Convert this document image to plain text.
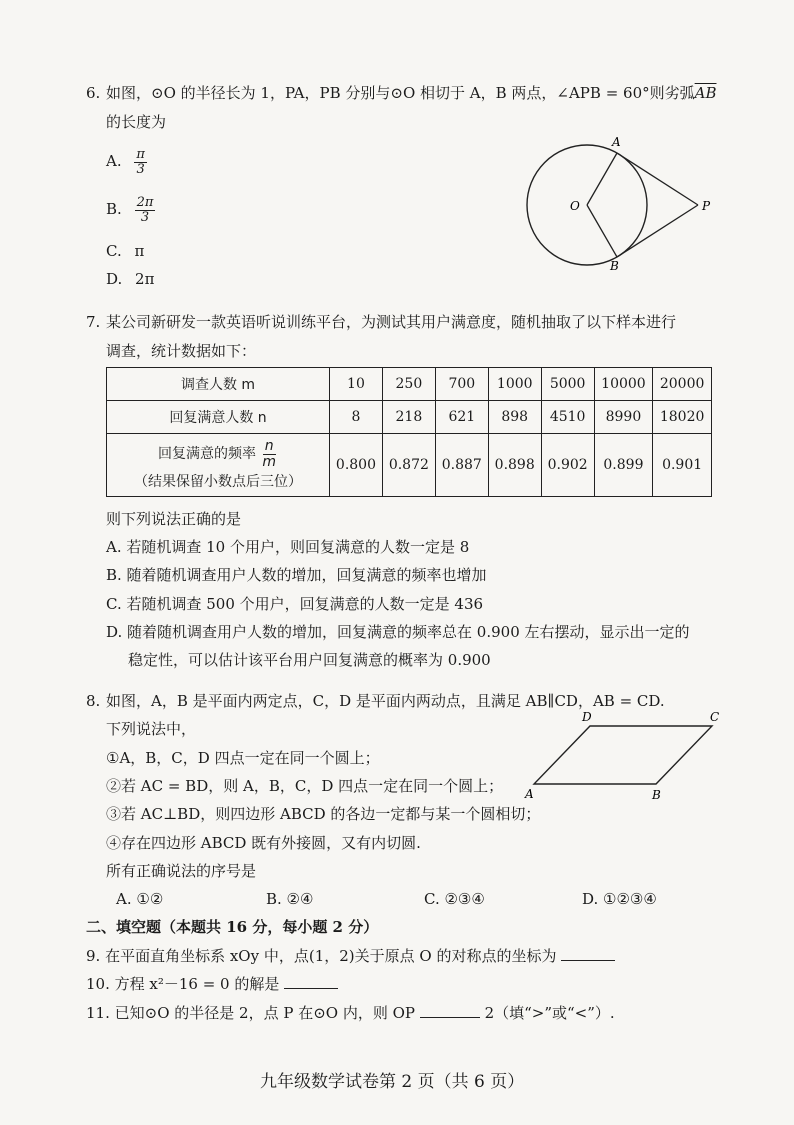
6. 如图，⊙O 的半径长为 1，PA，PB 分别与⊙O 相切于 A，B 两点，∠APB = 60°则劣弧$\overline{AB}$
的长度为
A. $\frac{\pi}{3}$
B. $\frac{2\pi}{3}$
C. π
D. 2π
O
A
B
P
7. 某公司新研发一款英语听说训练平台，为测试其用户满意度，随机抽取了以下样本进行
调查，统计数据如下：
调查人数 m	10	250	700	1000	5000	10000	20000
回复满意人数 n	8	218	621	898	4510	8990	18020

回复满意的频率 $\frac{n}{m}$
（结果保留小数点后三位）	0.800	0.872	0.887	0.898	0.902	0.899	0.901
则下列说法正确的是
A. 若随机调查 10 个用户，则回复满意的人数一定是 8
B. 随着随机调查用户人数的增加，回复满意的频率也增加
C. 若随机调查 500 个用户，回复满意的人数一定是 436
D. 随着随机调查用户人数的增加，回复满意的频率总在 0.900 左右摆动，显示出一定的
稳定性，可以估计该平台用户回复满意的概率为 0.900
8. 如图，A，B 是平面内两定点，C，D 是平面内两动点，且满足 AB∥CD，AB = CD.
下列说法中，
①A，B，C，D 四点一定在同一个圆上；
②若 AC = BD，则 A，B，C，D 四点一定在同一个圆上；
③若 AC⊥BD，则四边形 ABCD 的各边一定都与某一个圆相切；
④存在四边形 ABCD 既有外接圆，又有内切圆.
所有正确说法的序号是
A. ①②	B. ②④	C. ②③④	D. ①②③④
A	B
C
D
二、填空题（本题共 16 分，每小题 2 分）
9. 在平面直角坐标系 xOy 中，点(1，2)关于原点 O 的对称点的坐标为
10. 方程 x²－16 = 0 的解是
11. 已知⊙O 的半径是 2，点 P 在⊙O 内，则 OP	2（填“>”或“<”）.
九年级数学试卷第 2 页（共 6 页）
